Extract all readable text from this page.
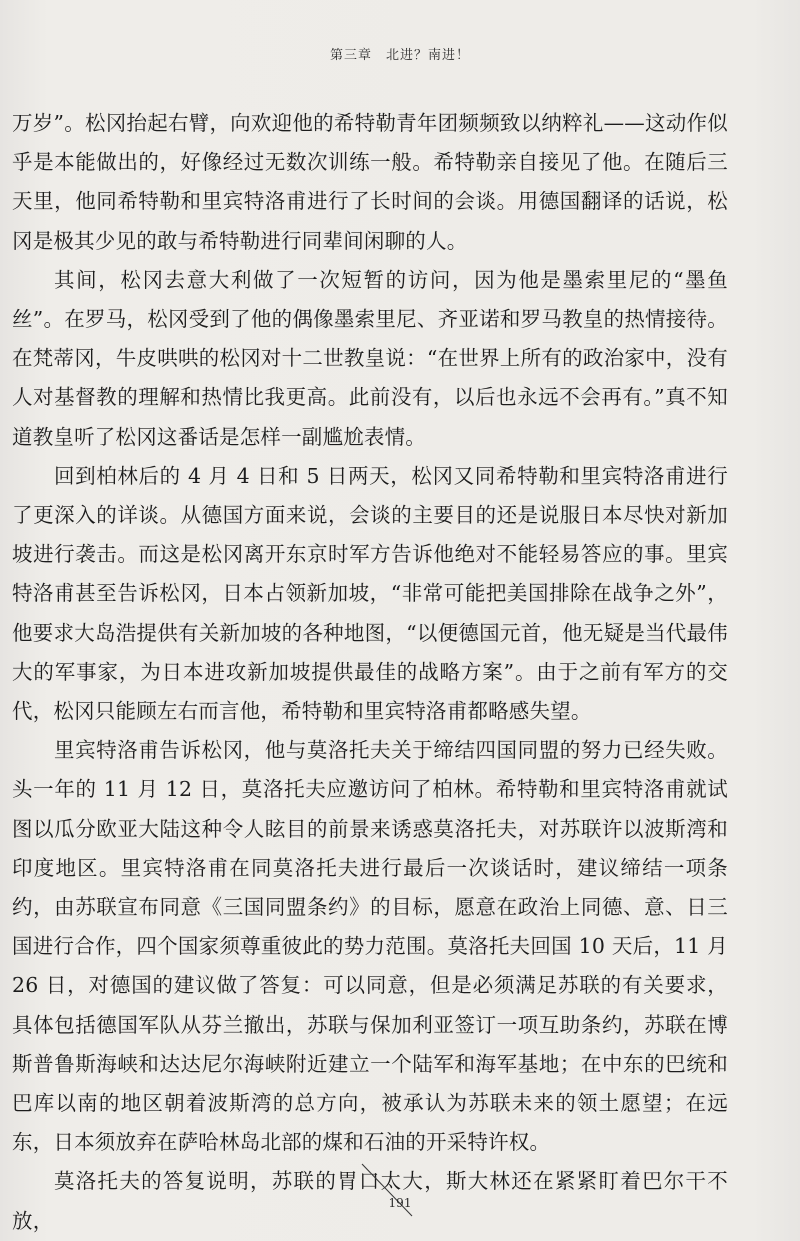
第三章　北进？南进！

万岁”。松冈抬起右臂，向欢迎他的希特勒青年团频频致以纳粹礼——这动作似乎是本能做出的，好像经过无数次训练一般。希特勒亲自接见了他。在随后三天里，他同希特勒和里宾特洛甫进行了长时间的会谈。用德国翻译的话说，松冈是极其少见的敢与希特勒进行同辈间闲聊的人。

其间，松冈去意大利做了一次短暂的访问，因为他是墨索里尼的“墨鱼丝”。在罗马，松冈受到了他的偶像墨索里尼、齐亚诺和罗马教皇的热情接待。在梵蒂冈，牛皮哄哄的松冈对十二世教皇说：“在世界上所有的政治家中，没有人对基督教的理解和热情比我更高。此前没有，以后也永远不会再有。”真不知道教皇听了松冈这番话是怎样一副尴尬表情。

回到柏林后的 4 月 4 日和 5 日两天，松冈又同希特勒和里宾特洛甫进行了更深入的详谈。从德国方面来说，会谈的主要目的还是说服日本尽快对新加坡进行袭击。而这是松冈离开东京时军方告诉他绝对不能轻易答应的事。里宾特洛甫甚至告诉松冈，日本占领新加坡，“非常可能把美国排除在战争之外”，他要求大岛浩提供有关新加坡的各种地图，“以便德国元首，他无疑是当代最伟大的军事家，为日本进攻新加坡提供最佳的战略方案”。由于之前有军方的交代，松冈只能顾左右而言他，希特勒和里宾特洛甫都略感失望。

里宾特洛甫告诉松冈，他与莫洛托夫关于缔结四国同盟的努力已经失败。头一年的 11 月 12 日，莫洛托夫应邀访问了柏林。希特勒和里宾特洛甫就试图以瓜分欧亚大陆这种令人眩目的前景来诱惑莫洛托夫，对苏联许以波斯湾和印度地区。里宾特洛甫在同莫洛托夫进行最后一次谈话时，建议缔结一项条约，由苏联宣布同意《三国同盟条约》的目标，愿意在政治上同德、意、日三国进行合作，四个国家须尊重彼此的势力范围。莫洛托夫回国 10 天后，11 月 26 日，对德国的建议做了答复：可以同意，但是必须满足苏联的有关要求，具体包括德国军队从芬兰撤出，苏联与保加利亚签订一项互助条约，苏联在博斯普鲁斯海峡和达达尼尔海峡附近建立一个陆军和海军基地；在中东的巴统和巴库以南的地区朝着波斯湾的总方向，被承认为苏联未来的领土愿望；在远东，日本须放弃在萨哈林岛北部的煤和石油的开采特许权。

莫洛托夫的答复说明，苏联的胃口太大，斯大林还在紧紧盯着巴尔干不放，

191
